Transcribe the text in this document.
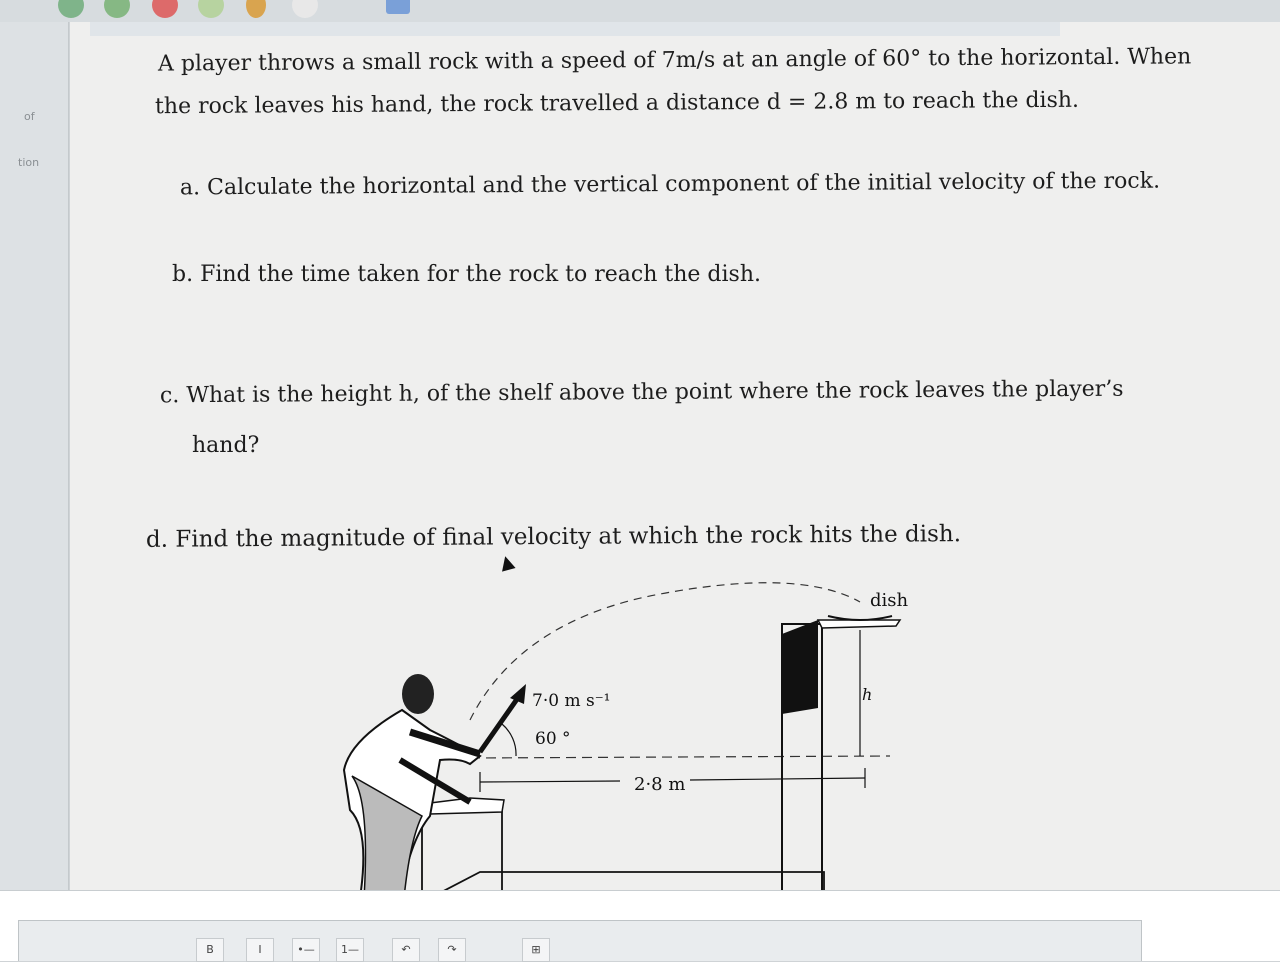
of
tion
A player throws a small rock with a speed of 7m/s at an angle of 60° to the horizontal. When
the rock leaves his hand, the rock travelled a distance d = 2.8 m to reach the dish.
a. Calculate the horizontal and the vertical component of the initial velocity of the rock.
b. Find the time taken for the rock to reach the dish.
c. What is the height h, of the shelf above the point where the rock leaves the player’s
hand?
d. Find the magnitude of final velocity at which the rock hits the dish.
dish
7·0 m s⁻¹
60 °
2·8 m
h
B	I	•—	1—	↶	↷	⊞
